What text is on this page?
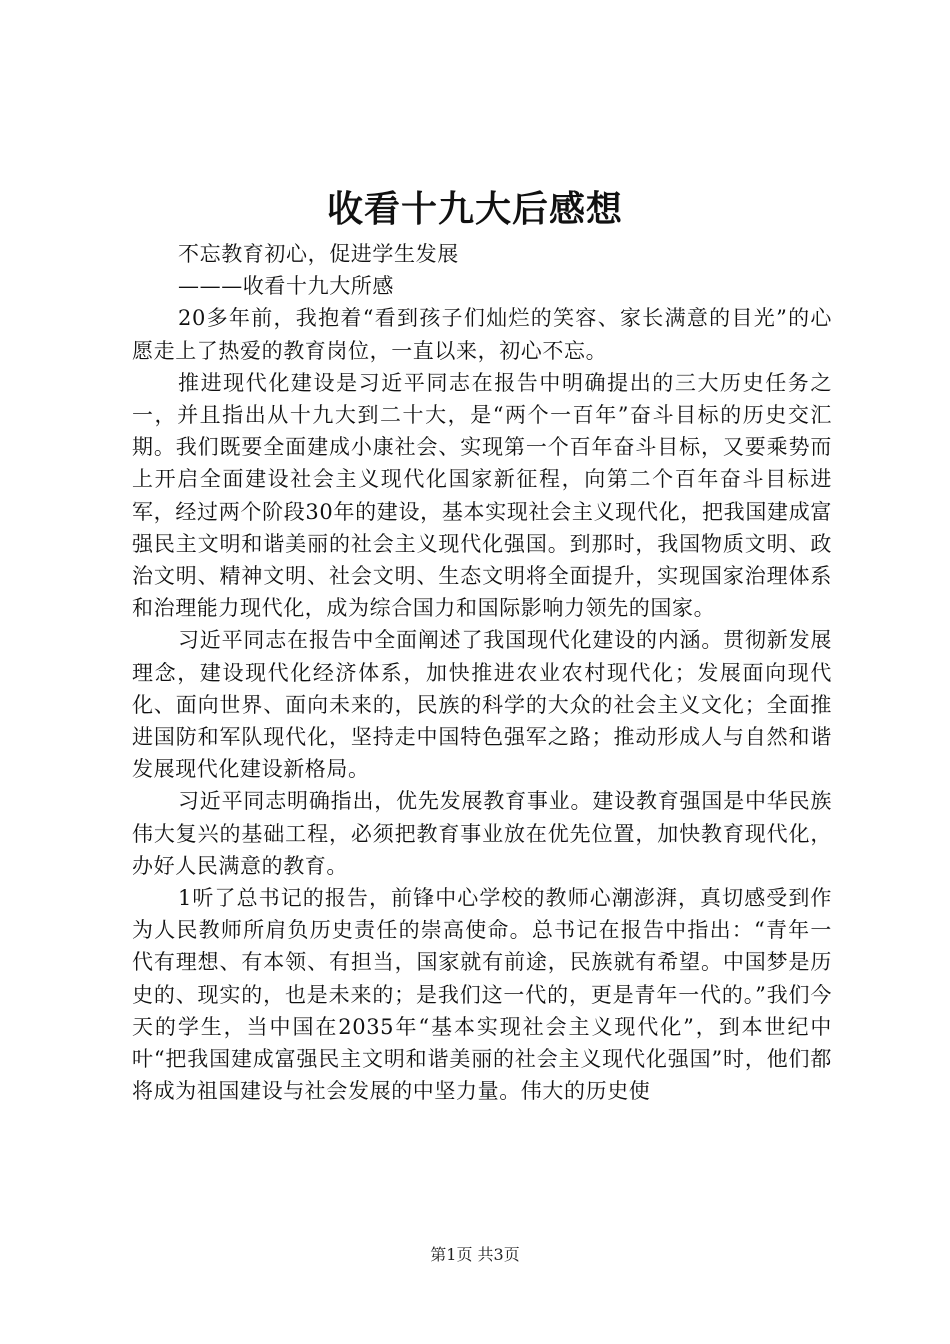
收看十九大后感想

不忘教育初心，促进学生发展

———收看十九大所感

20多年前，我抱着“看到孩子们灿烂的笑容、家长满意的目光”的心愿走上了热爱的教育岗位，一直以来，初心不忘。

推进现代化建设是习近平同志在报告中明确提出的三大历史任务之一，并且指出从十九大到二十大，是“两个一百年”奋斗目标的历史交汇期。我们既要全面建成小康社会、实现第一个百年奋斗目标，又要乘势而上开启全面建设社会主义现代化国家新征程，向第二个百年奋斗目标进军，经过两个阶段30年的建设，基本实现社会主义现代化，把我国建成富强民主文明和谐美丽的社会主义现代化强国。到那时，我国物质文明、政治文明、精神文明、社会文明、生态文明将全面提升，实现国家治理体系和治理能力现代化，成为综合国力和国际影响力领先的国家。

习近平同志在报告中全面阐述了我国现代化建设的内涵。贯彻新发展理念，建设现代化经济体系，加快推进农业农村现代化；发展面向现代化、面向世界、面向未来的，民族的科学的大众的社会主义文化；全面推进国防和军队现代化，坚持走中国特色强军之路；推动形成人与自然和谐发展现代化建设新格局。

习近平同志明确指出，优先发展教育事业。建设教育强国是中华民族伟大复兴的基础工程，必须把教育事业放在优先位置，加快教育现代化，办好人民满意的教育。

1听了总书记的报告，前锋中心学校的教师心潮澎湃，真切感受到作为人民教师所肩负历史责任的崇高使命。总书记在报告中指出：“青年一代有理想、有本领、有担当，国家就有前途，民族就有希望。中国梦是历史的、现实的，也是未来的；是我们这一代的，更是青年一代的。”我们今天的学生，当中国在2035年“基本实现社会主义现代化”，到本世纪中叶“把我国建成富强民主文明和谐美丽的社会主义现代化强国”时，他们都将成为祖国建设与社会发展的中坚力量。伟大的历史使

第1页 共3页
